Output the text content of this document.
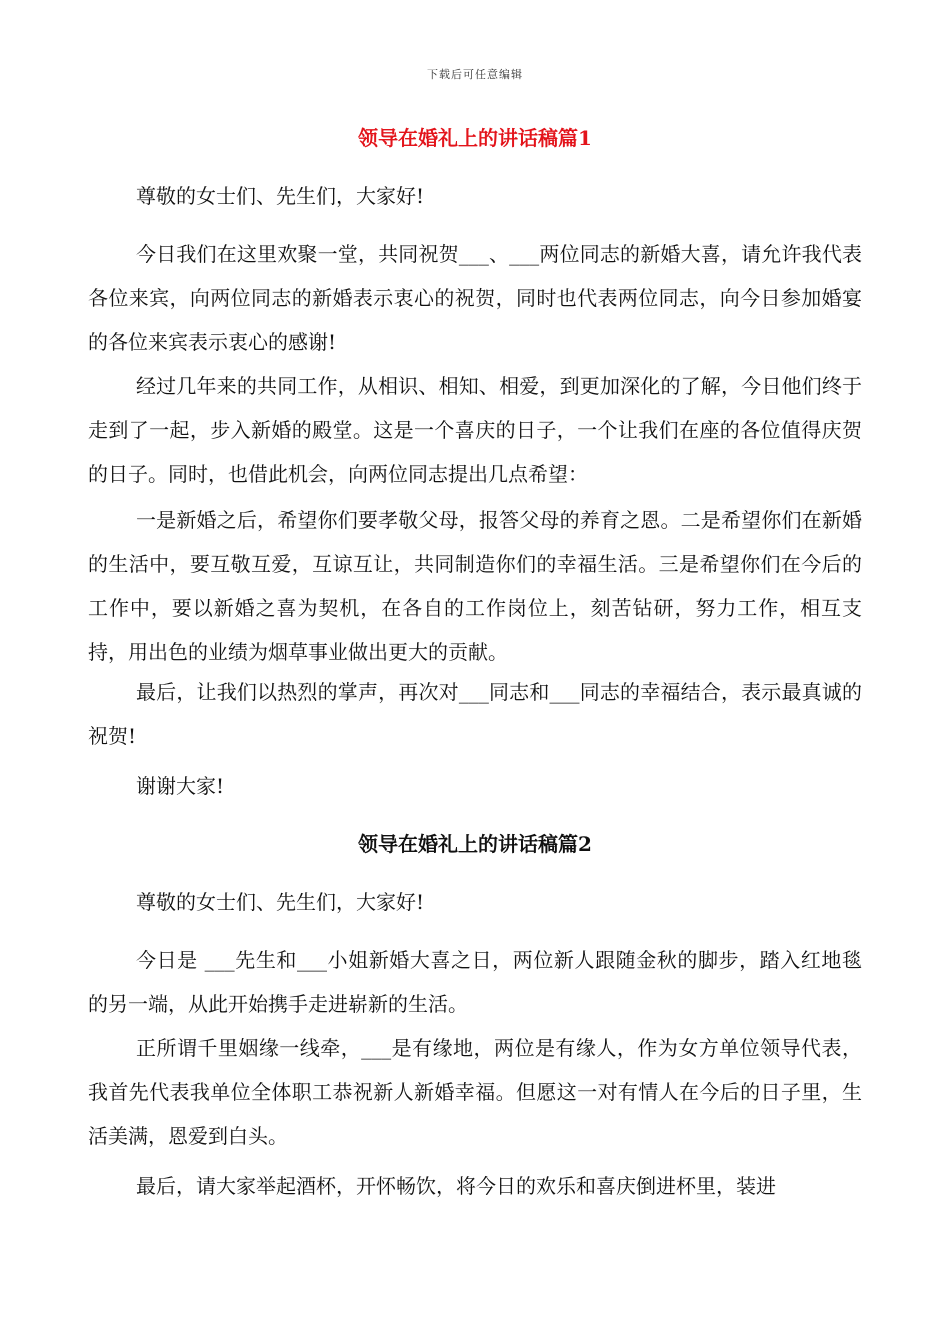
下载后可任意编辑
领导在婚礼上的讲话稿篇1

尊敬的女士们、先生们，大家好!

今日我们在这里欢聚一堂，共同祝贺___、___两位同志的新婚大喜，请允许我代表各位来宾，向两位同志的新婚表示衷心的祝贺，同时也代表两位同志，向今日参加婚宴的各位来宾表示衷心的感谢!

经过几年来的共同工作，从相识、相知、相爱，到更加深化的了解，今日他们终于走到了一起，步入新婚的殿堂。这是一个喜庆的日子，一个让我们在座的各位值得庆贺的日子。同时，也借此机会，向两位同志提出几点希望：

一是新婚之后，希望你们要孝敬父母，报答父母的养育之恩。二是希望你们在新婚的生活中，要互敬互爱，互谅互让，共同制造你们的幸福生活。三是希望你们在今后的工作中，要以新婚之喜为契机，在各自的工作岗位上，刻苦钻研，努力工作，相互支持，用出色的业绩为烟草事业做出更大的贡献。

最后，让我们以热烈的掌声，再次对___同志和___同志的幸福结合，表示最真诚的祝贺!

谢谢大家!

领导在婚礼上的讲话稿篇2

尊敬的女士们、先生们，大家好!

今日是 ___先生和___小姐新婚大喜之日，两位新人跟随金秋的脚步，踏入红地毯的另一端，从此开始携手走进崭新的生活。

正所谓千里姻缘一线牵，___是有缘地，两位是有缘人，作为女方单位领导代表，我首先代表我单位全体职工恭祝新人新婚幸福。但愿这一对有情人在今后的日子里，生活美满，恩爱到白头。

最后，请大家举起酒杯，开怀畅饮，将今日的欢乐和喜庆倒进杯里，装进
